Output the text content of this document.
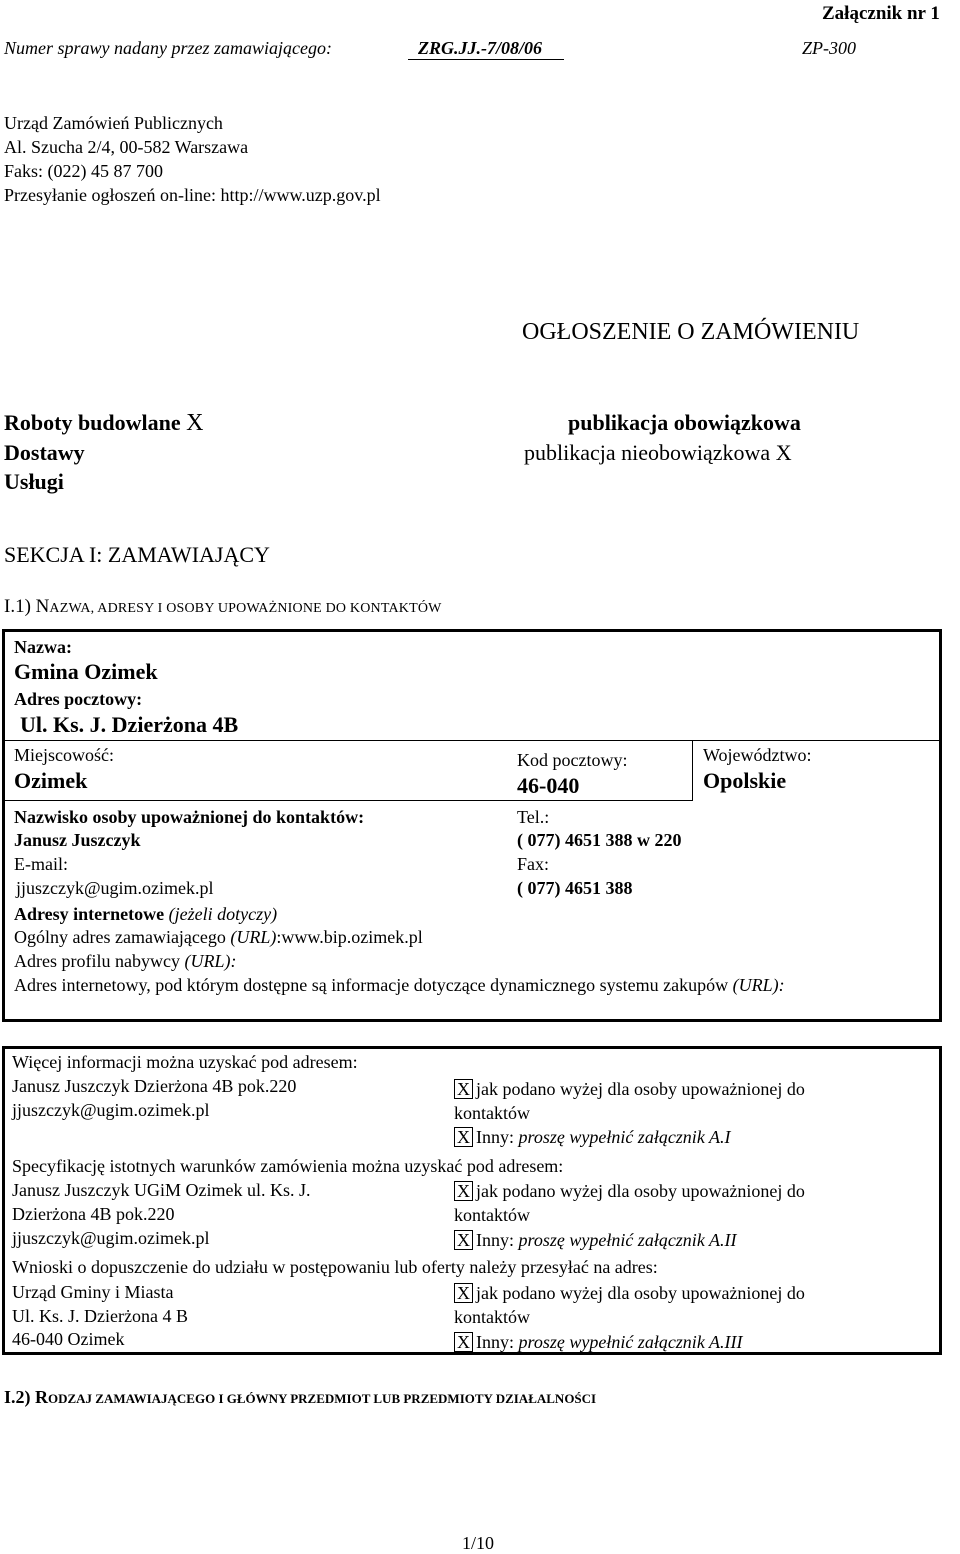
Załącznik nr 1
Numer sprawy nadany przez zamawiającego:	ZRG.JJ.-7/08/06	ZP-300
Urząd Zamówień Publicznych
Al. Szucha 2/4, 00-582 Warszawa
Faks: (022) 45 87 700
Przesyłanie ogłoszeń on-line: http://www.uzp.gov.pl
OGŁOSZENIE O ZAMÓWIENIU
Roboty budowlane X
Dostawy
Usługi
publikacja obowiązkowa
publikacja nieobowiązkowa X
SEKCJA I: ZAMAWIAJĄCY
I.1) NAZWA, ADRESY I OSOBY UPOWAŻNIONE DO KONTAKTÓW
Nazwa:
Gmina Ozimek
Adres pocztowy:
Ul. Ks. J. Dzierżona 4B
Miejscowość:
Ozimek
Kod pocztowy:
46-040
Województwo:
Opolskie
Nazwisko osoby upoważnionej do kontaktów:
Janusz Juszczyk
Tel.:
( 077) 4651 388 w 220
E-mail:
jjuszczyk@ugim.ozimek.pl
Fax:
( 077) 4651 388
Adresy internetowe (jeżeli dotyczy)
Ogólny adres zamawiającego (URL):www.bip.ozimek.pl
Adres profilu nabywcy (URL):
Adres internetowy, pod którym dostępne są informacje dotyczące dynamicznego systemu zakupów (URL):
Więcej informacji można uzyskać pod adresem:
Janusz Juszczyk Dzierżona 4B pok.220
jjuszczyk@ugim.ozimek.pl
X jak podano wyżej dla osoby upoważnionej do
kontaktów
X Inny: proszę wypełnić załącznik A.I
Specyfikację istotnych warunków zamówienia można uzyskać pod adresem:
Janusz Juszczyk UGiM Ozimek ul. Ks. J.
Dzierżona 4B pok.220
jjuszczyk@ugim.ozimek.pl
X jak podano wyżej dla osoby upoważnionej do
kontaktów
X Inny: proszę wypełnić załącznik A.II
Wnioski o dopuszczenie do udziału w postępowaniu lub oferty należy przesyłać na adres:
Urząd Gminy i Miasta
Ul. Ks. J. Dzierżona 4 B
46-040 Ozimek
X jak podano wyżej dla osoby upoważnionej do
kontaktów
X Inny: proszę wypełnić załącznik A.III
I.2) RODZAJ ZAMAWIAJĄCEGO I GŁÓWNY PRZEDMIOT LUB PRZEDMIOTY DZIAŁALNOŚCI
1/10
